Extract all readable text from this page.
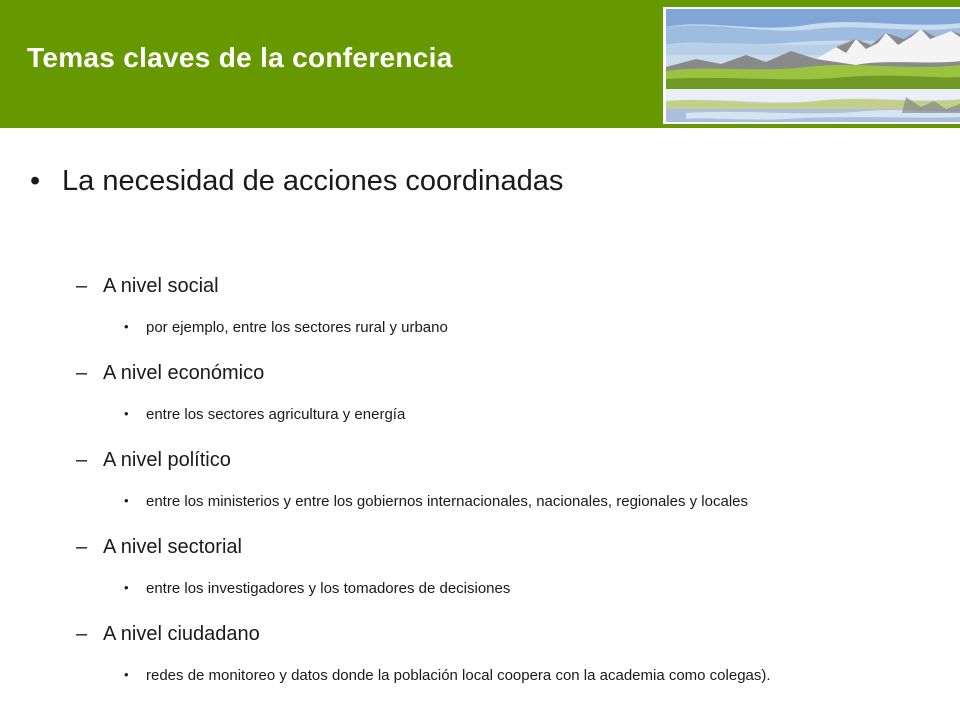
Temas claves de la conferencia
• La necesidad de acciones coordinadas
– A nivel social
• por ejemplo, entre los sectores rural y urbano
– A nivel económico
• entre los sectores agricultura y energía
– A nivel político
• entre los ministerios y entre los gobiernos internacionales, nacionales, regionales y locales
– A nivel sectorial
• entre los investigadores y los tomadores de decisiones
– A nivel ciudadano
• redes de monitoreo y datos donde la población local coopera con la academia como colegas).
